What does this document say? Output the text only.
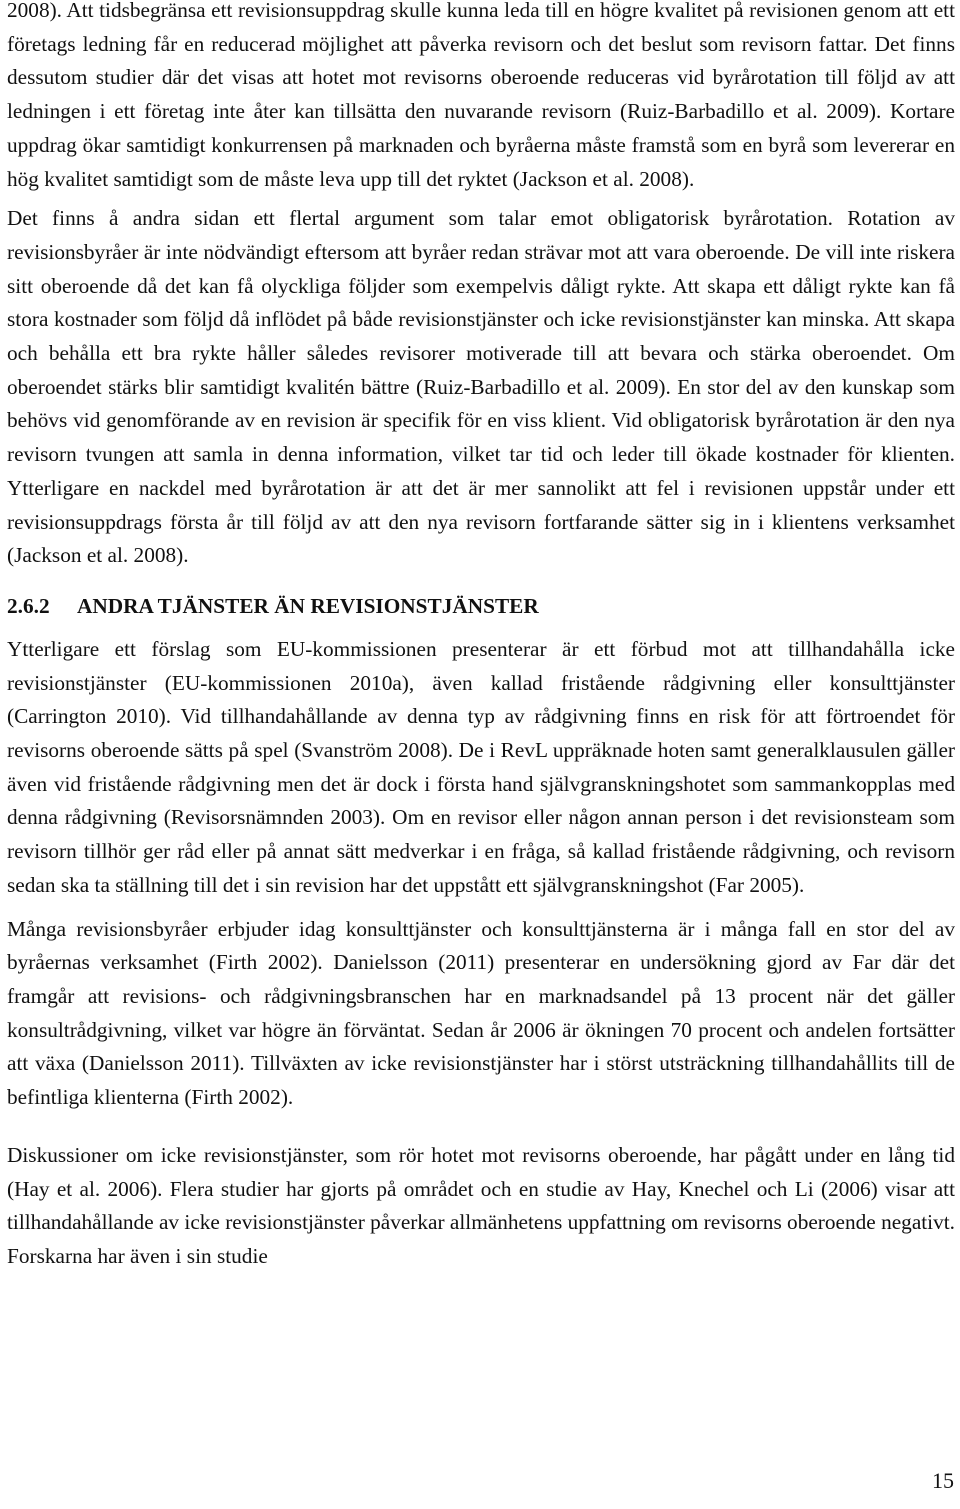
2008). Att tidsbegränsa ett revisionsuppdrag skulle kunna leda till en högre kvalitet på revisionen genom att ett företags ledning får en reducerad möjlighet att påverka revisorn och det beslut som revisorn fattar. Det finns dessutom studier där det visas att hotet mot revisorns oberoende reduceras vid byrårotation till följd av att ledningen i ett företag inte åter kan tillsätta den nuvarande revisorn (Ruiz-Barbadillo et al. 2009). Kortare uppdrag ökar samtidigt konkurrensen på marknaden och byråerna måste framstå som en byrå som levererar en hög kvalitet samtidigt som de måste leva upp till det ryktet (Jackson et al. 2008).

Det finns å andra sidan ett flertal argument som talar emot obligatorisk byrårotation. Rotation av revisionsbyråer är inte nödvändigt eftersom att byråer redan strävar mot att vara oberoende. De vill inte riskera sitt oberoende då det kan få olyckliga följder som exempelvis dåligt rykte. Att skapa ett dåligt rykte kan få stora kostnader som följd då inflödet på både revisionstjänster och icke revisionstjänster kan minska. Att skapa och behålla ett bra rykte håller således revisorer motiverade till att bevara och stärka oberoendet. Om oberoendet stärks blir samtidigt kvalitén bättre (Ruiz-Barbadillo et al. 2009). En stor del av den kunskap som behövs vid genomförande av en revision är specifik för en viss klient. Vid obligatorisk byrårotation är den nya revisorn tvungen att samla in denna information, vilket tar tid och leder till ökade kostnader för klienten. Ytterligare en nackdel med byrårotation är att det är mer sannolikt att fel i revisionen uppstår under ett revisionsuppdrags första år till följd av att den nya revisorn fortfarande sätter sig in i klientens verksamhet (Jackson et al. 2008).

2.6.2	ANDRA TJÄNSTER ÄN REVISIONSTJÄNSTER

Ytterligare ett förslag som EU-kommissionen presenterar är ett förbud mot att tillhandahålla icke revisionstjänster (EU-kommissionen 2010a), även kallad fristående rådgivning eller konsulttjänster (Carrington 2010). Vid tillhandahållande av denna typ av rådgivning finns en risk för att förtroendet för revisorns oberoende sätts på spel (Svanström 2008). De i RevL uppräknade hoten samt generalklausulen gäller även vid fristående rådgivning men det är dock i första hand självgranskningshotet som sammankopplas med denna rådgivning (Revisorsnämnden 2003). Om en revisor eller någon annan person i det revisionsteam som revisorn tillhör ger råd eller på annat sätt medverkar i en fråga, så kallad fristående rådgivning, och revisorn sedan ska ta ställning till det i sin revision har det uppstått ett självgranskningshot (Far 2005).

Många revisionsbyråer erbjuder idag konsulttjänster och konsulttjänsterna är i många fall en stor del av byråernas verksamhet (Firth 2002). Danielsson (2011) presenterar en undersökning gjord av Far där det framgår att revisions- och rådgivningsbranschen har en marknadsandel på 13 procent när det gäller konsultrådgivning, vilket var högre än förväntat. Sedan år 2006 är ökningen 70 procent och andelen fortsätter att växa (Danielsson 2011). Tillväxten av icke revisionstjänster har i störst utsträckning tillhandahållits till de befintliga klienterna (Firth 2002).

Diskussioner om icke revisionstjänster, som rör hotet mot revisorns oberoende, har pågått under en lång tid (Hay et al. 2006). Flera studier har gjorts på området och en studie av Hay, Knechel och Li (2006) visar att tillhandahållande av icke revisionstjänster påverkar allmänhetens uppfattning om revisorns oberoende negativt. Forskarna har även i sin studie

15
